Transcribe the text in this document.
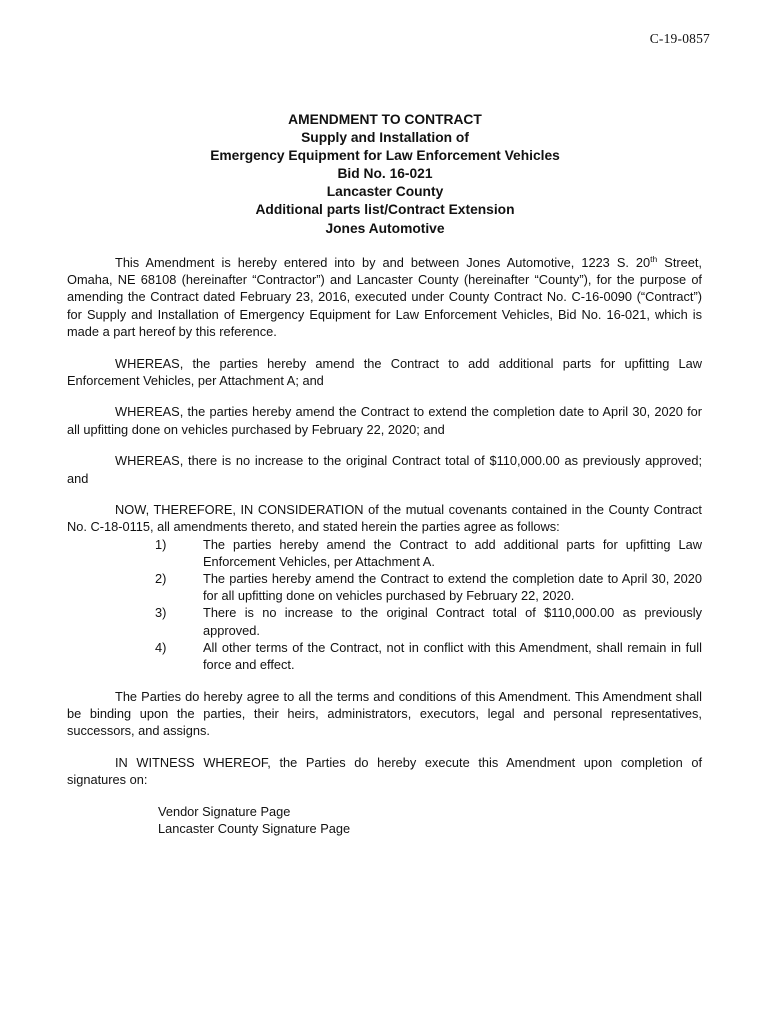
C-19-0857
AMENDMENT TO CONTRACT
Supply and Installation of
Emergency Equipment for Law Enforcement Vehicles
Bid No. 16-021
Lancaster County
Additional parts list/Contract Extension
Jones Automotive

This Amendment is hereby entered into by and between Jones Automotive, 1223 S. 20th Street, Omaha, NE 68108 (hereinafter “Contractor”) and Lancaster County (hereinafter “County”), for the purpose of amending the Contract dated February 23, 2016, executed under County Contract No. C-16-0090 (“Contract”) for Supply and Installation of Emergency Equipment for Law Enforcement Vehicles, Bid No. 16-021, which is made a part hereof by this reference.

WHEREAS, the parties hereby amend the Contract to add additional parts for upfitting Law Enforcement Vehicles, per Attachment A; and

WHEREAS, the parties hereby amend the Contract to extend the completion date to April 30, 2020 for all upfitting done on vehicles purchased by February 22, 2020; and

WHEREAS, there is no increase to the original Contract total of $110,000.00 as previously approved; and

NOW, THEREFORE, IN CONSIDERATION of the mutual covenants contained in the County Contract No. C-18-0115, all amendments thereto, and stated herein the parties agree as follows:

1)	The parties hereby amend the Contract to add additional parts for upfitting Law Enforcement Vehicles, per Attachment A.
2)	The parties hereby amend the Contract to extend the completion date to April 30, 2020 for all upfitting done on vehicles purchased by February 22, 2020.
3)	There is no increase to the original Contract total of $110,000.00 as previously approved.
4)	All other terms of the Contract, not in conflict with this Amendment, shall remain in full force and effect.

The Parties do hereby agree to all the terms and conditions of this Amendment. This Amendment shall be binding upon the parties, their heirs, administrators, executors, legal and personal representatives, successors, and assigns.

IN WITNESS WHEREOF, the Parties do hereby execute this Amendment upon completion of signatures on:

Vendor Signature Page
Lancaster County Signature Page
